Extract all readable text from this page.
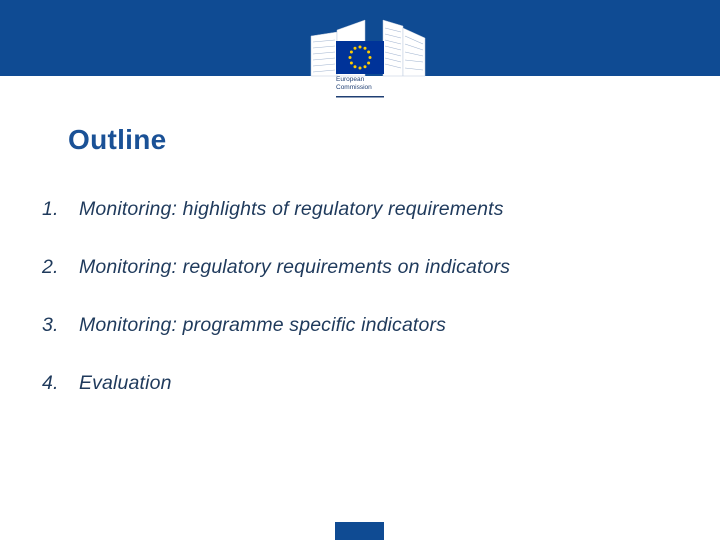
European
Commission
Outline
1.	Monitoring: highlights of regulatory requirements
2.	Monitoring: regulatory requirements on indicators
3.	Monitoring: programme specific indicators
4.	Evaluation
